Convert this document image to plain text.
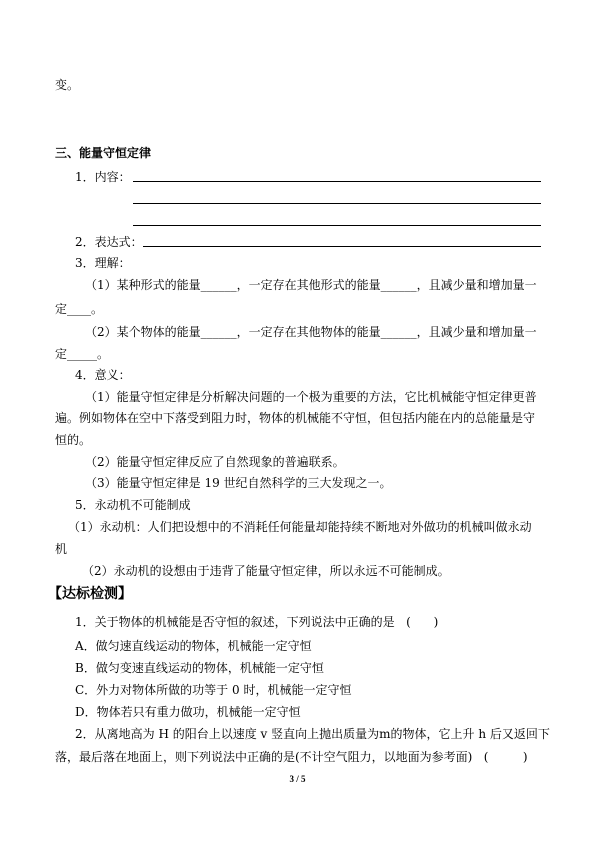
变。
三、能量守恒定律
1．内容：
2．表达式：
3．理解：
（1）某种形式的能量______，一定存在其他形式的能量______，且减少量和增加量一
定____。
（2）某个物体的能量______，一定存在其他物体的能量______，且减少量和增加量一
定_____。
4．意义：
（1）能量守恒定律是分析解决问题的一个极为重要的方法，它比机械能守恒定律更普
遍。例如物体在空中下落受到阻力时，物体的机械能不守恒，但包括内能在内的总能量是守
恒的。
（2）能量守恒定律反应了自然现象的普遍联系。
（3）能量守恒定律是 19 世纪自然科学的三大发现之一。
5．永动机不可能制成
（1）永动机：人们把设想中的不消耗任何能量却能持续不断地对外做功的机械叫做永动
机
（2）永动机的设想由于违背了能量守恒定律，所以永远不可能制成。
【达标检测】
1．关于物体的机械能是否守恒的叙述，下列说法中正确的是   (      )
A．做匀速直线运动的物体，机械能一定守恒
B．做匀变速直线运动的物体，机械能一定守恒
C．外力对物体所做的功等于 0 时，机械能一定守恒
D．物体若只有重力做功，机械能一定守恒
2．从离地高为 H 的阳台上以速度 v 竖直向上抛出质量为m的物体，它上升 h 后又返回下
落，最后落在地面上，则下列说法中正确的是(不计空气阻力，以地面为参考面)   (         )
3 / 5
